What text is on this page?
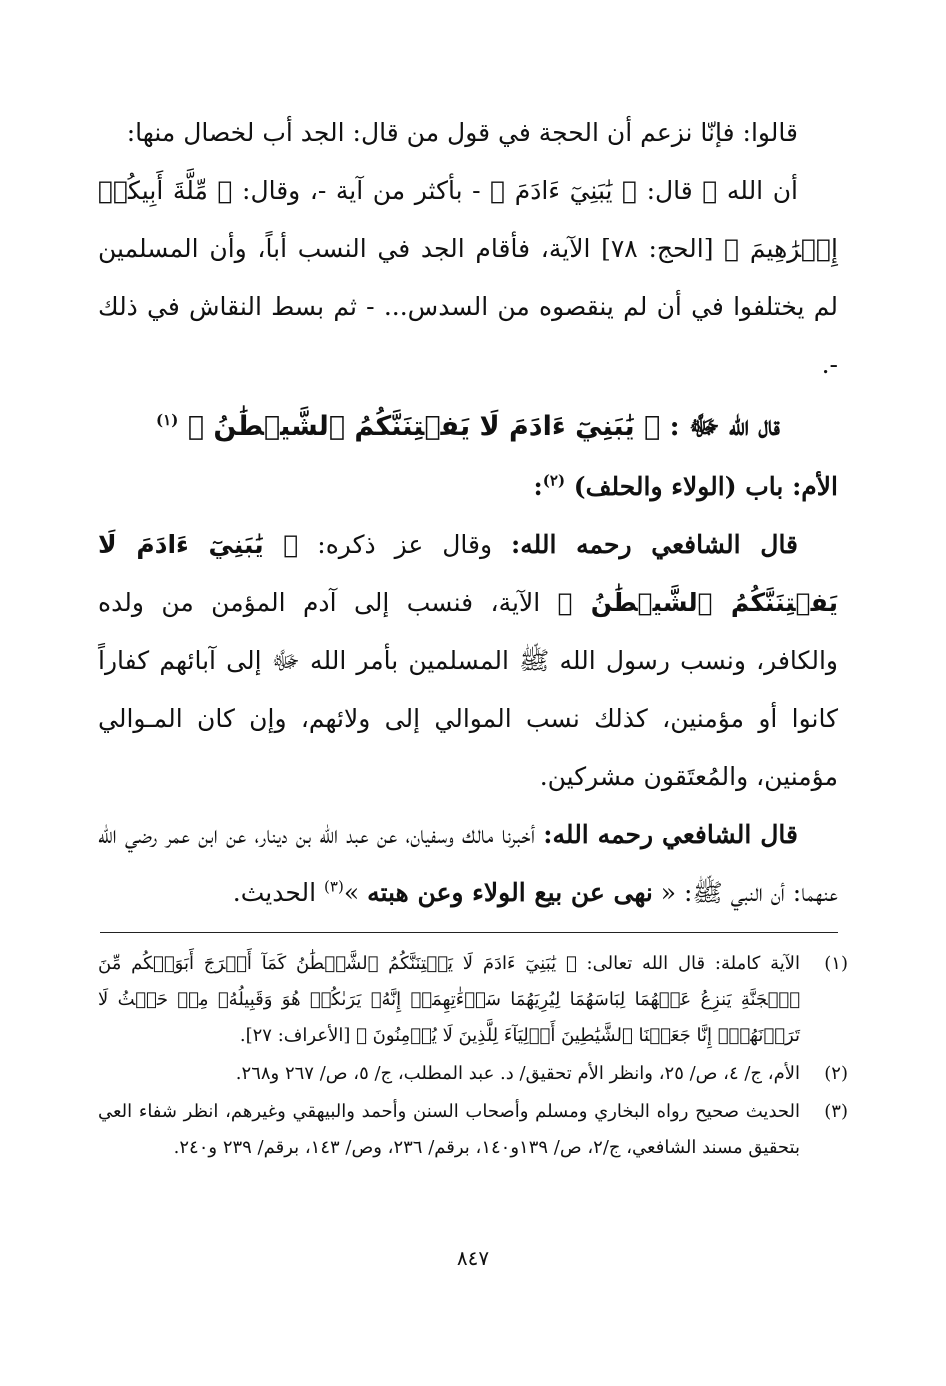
قالوا: فإنّا نزعم أن الحجة في قول من قال: الجد أب لخصال منها:

أن الله ﷻ قال: ﴿ يَٰبَنِيٓ ءَادَمَ ﴾ - بأكثر من آية -، وقال: ﴿ مِّلَّةَ أَبِيكُمۡ إِبۡرَٰهِيمَ ﴾ [الحج: ٧٨] الآية، فأقام الجد في النسب أباً، وأن المسلمين لم يختلفوا في أن لم ينقصوه من السدس... - ثم بسط النقاش في ذلك -.

قال الله ﷻ : ﴿ يَٰبَنِيٓ ءَادَمَ لَا يَفۡتِنَنَّكُمُ ٱلشَّيۡطَٰنُ ﴾ $^{(١)}$

الأم: باب (الولاء والحلف) $^{(٢)}$:

قال الشافعي رحمه الله: وقال عز ذكره: ﴿ يَٰبَنِيٓ ءَادَمَ لَا يَفۡتِنَنَّكُمُ ٱلشَّيۡطَٰنُ ﴾ الآية، فنسب إلى آدم المؤمن من ولده والكافر، ونسب رسول الله ﷺ المسلمين بأمر الله ﷻ إلى آبائهم كفاراً كانوا أو مؤمنين، كذلك نسب الموالي إلى ولائهم، وإن كان المـوالي مؤمنين، والمُعتَقون مشركين.

قال الشافعي رحمه الله: أخبرنا مالك وسفيان، عن عبد الله بن دينار، عن ابن عمر رضي الله عنهما: أن النبي ﷺ: « نهى عن بيع الولاء وعن هبته »$^{(٣)}$ الحديث.

(١)
الآية كاملة: قال الله تعالى: ﴿ يَٰبَنِيٓ ءَادَمَ لَا يَفۡتِنَنَّكُمُ ٱلشَّيۡطَٰنُ كَمَآ أَخۡرَجَ أَبَوَيۡكُم مِّنَ ٱلۡجَنَّةِ يَنزِعُ عَنۡهُمَا لِبَاسَهُمَا لِيُرِيَهُمَا سَوۡءَٰتِهِمَآۚ إِنَّهُۥ يَرَىٰكُمۡ هُوَ وَقَبِيلُهُۥ مِنۡ حَيۡثُ لَا تَرَوۡنَهُمۡۗ إِنَّا جَعَلۡنَا ٱلشَّيَٰطِينَ أَوۡلِيَآءَ لِلَّذِينَ لَا يُؤۡمِنُونَ ﴾ [الأعراف: ٢٧].
(٢)
الأم، ج/ ٤، ص/ ٢٥، وانظر الأم تحقيق/ د. عبد المطلب، ج/ ٥، ص/ ٢٦٧ و٢٦٨.
(٣)
الحديث صحيح رواه البخاري ومسلم وأصحاب السنن وأحمد والبيهقي وغيرهم، انظر شفاء العي بتحقيق مسند الشافعي، ج/٢، ص/ ١٣٩و١٤٠، برقم/ ٢٣٦، وص/ ١٤٣، برقم/ ٢٣٩ و٢٤٠.
٨٤٧
